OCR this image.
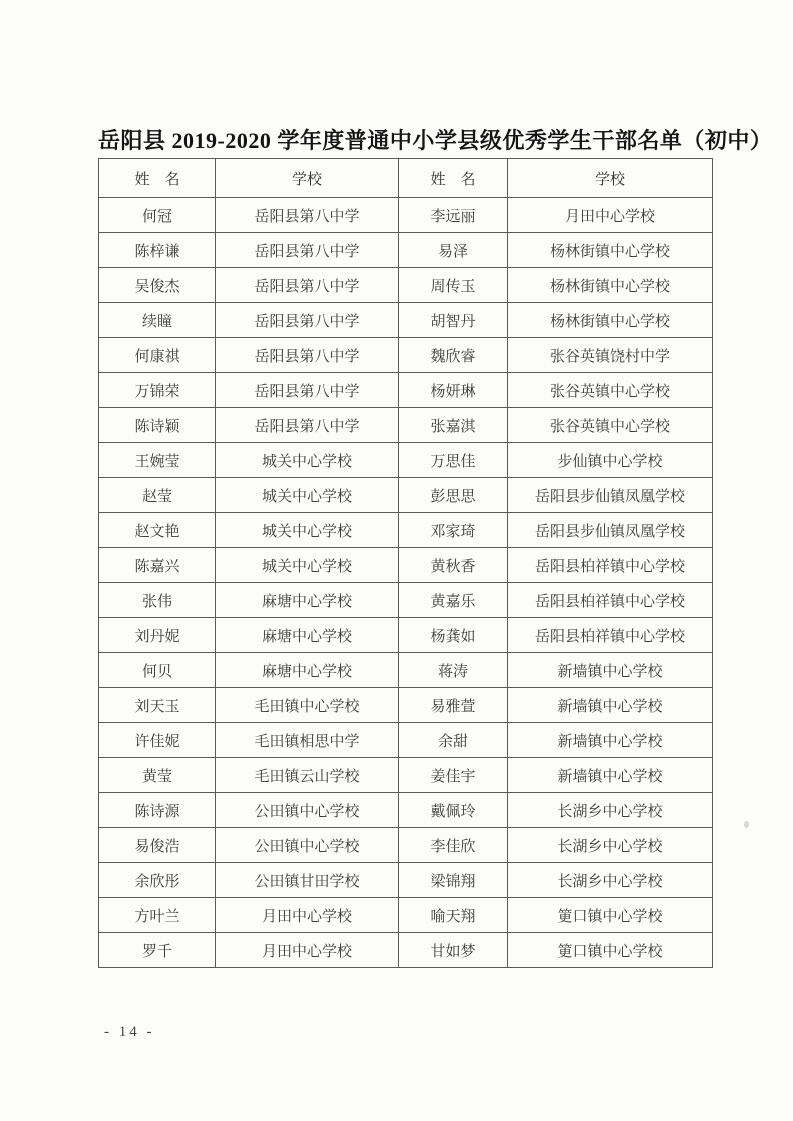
岳阳县 2019-2020 学年度普通中小学县级优秀学生干部名单（初中）
姓　名	学校	姓　名	学校
何冠	岳阳县第八中学	李远丽	月田中心学校
陈梓谦	岳阳县第八中学	易泽	杨林街镇中心学校
吴俊杰	岳阳县第八中学	周传玉	杨林街镇中心学校
续瞳	岳阳县第八中学	胡智丹	杨林街镇中心学校
何康祺	岳阳县第八中学	魏欣睿	张谷英镇饶村中学
万锦荣	岳阳县第八中学	杨妍琳	张谷英镇中心学校
陈诗颖	岳阳县第八中学	张嘉淇	张谷英镇中心学校
王婉莹	城关中心学校	万思佳	步仙镇中心学校
赵莹	城关中心学校	彭思思	岳阳县步仙镇凤凰学校
赵文艳	城关中心学校	邓家琦	岳阳县步仙镇凤凰学校
陈嘉兴	城关中心学校	黄秋香	岳阳县柏祥镇中心学校
张伟	麻塘中心学校	黄嘉乐	岳阳县柏祥镇中心学校
刘丹妮	麻塘中心学校	杨龚如	岳阳县柏祥镇中心学校
何贝	麻塘中心学校	蒋涛	新墙镇中心学校
刘天玉	毛田镇中心学校	易雅萱	新墙镇中心学校
许佳妮	毛田镇相思中学	余甜	新墙镇中心学校
黄莹	毛田镇云山学校	姜佳宇	新墙镇中心学校
陈诗源	公田镇中心学校	戴佩玲	长湖乡中心学校
易俊浩	公田镇中心学校	李佳欣	长湖乡中心学校
余欣彤	公田镇甘田学校	梁锦翔	长湖乡中心学校
方叶兰	月田中心学校	喻天翔	筻口镇中心学校
罗千	月田中心学校	甘如梦	筻口镇中心学校
- 14 -
